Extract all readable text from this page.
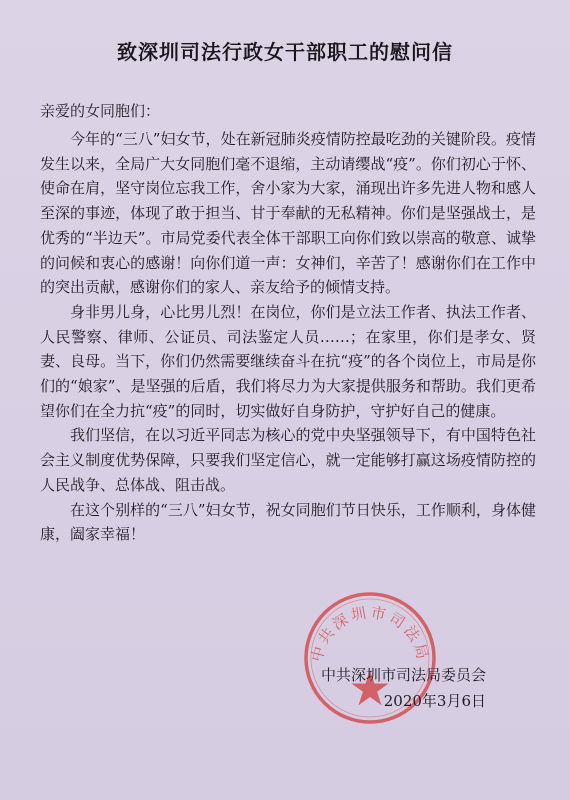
致深圳司法行政女干部职工的慰问信
亲爱的女同胞们：

今年的“三八”妇女节，处在新冠肺炎疫情防控最吃劲的关键阶段。疫情发生以来，全局广大女同胞们毫不退缩，主动请缨战“疫”。你们初心于怀、使命在肩，坚守岗位忘我工作，舍小家为大家，涌现出许多先进人物和感人至深的事迹，体现了敢于担当、甘于奉献的无私精神。你们是坚强战士，是优秀的“半边天”。市局党委代表全体干部职工向你们致以崇高的敬意、诚挚的问候和衷心的感谢！向你们道一声：女神们，辛苦了！感谢你们在工作中的突出贡献，感谢你们的家人、亲友给予的倾情支持。

身非男儿身，心比男儿烈！在岗位，你们是立法工作者、执法工作者、人民警察、律师、公证员、司法鉴定人员……；在家里，你们是孝女、贤妻、良母。当下，你们仍然需要继续奋斗在抗“疫”的各个岗位上，市局是你们的“娘家”、是坚强的后盾，我们将尽力为大家提供服务和帮助。我们更希望你们在全力抗“疫”的同时，切实做好自身防护，守护好自己的健康。

我们坚信，在以习近平同志为核心的党中央坚强领导下，有中国特色社会主义制度优势保障，只要我们坚定信心，就一定能够打赢这场疫情防控的人民战争、总体战、阻击战。

在这个别样的“三八”妇女节，祝女同胞们节日快乐，工作顺利，身体健康，阖家幸福！

中共深圳市司法局
中共深圳市司法局委员会
2020年3月6日
